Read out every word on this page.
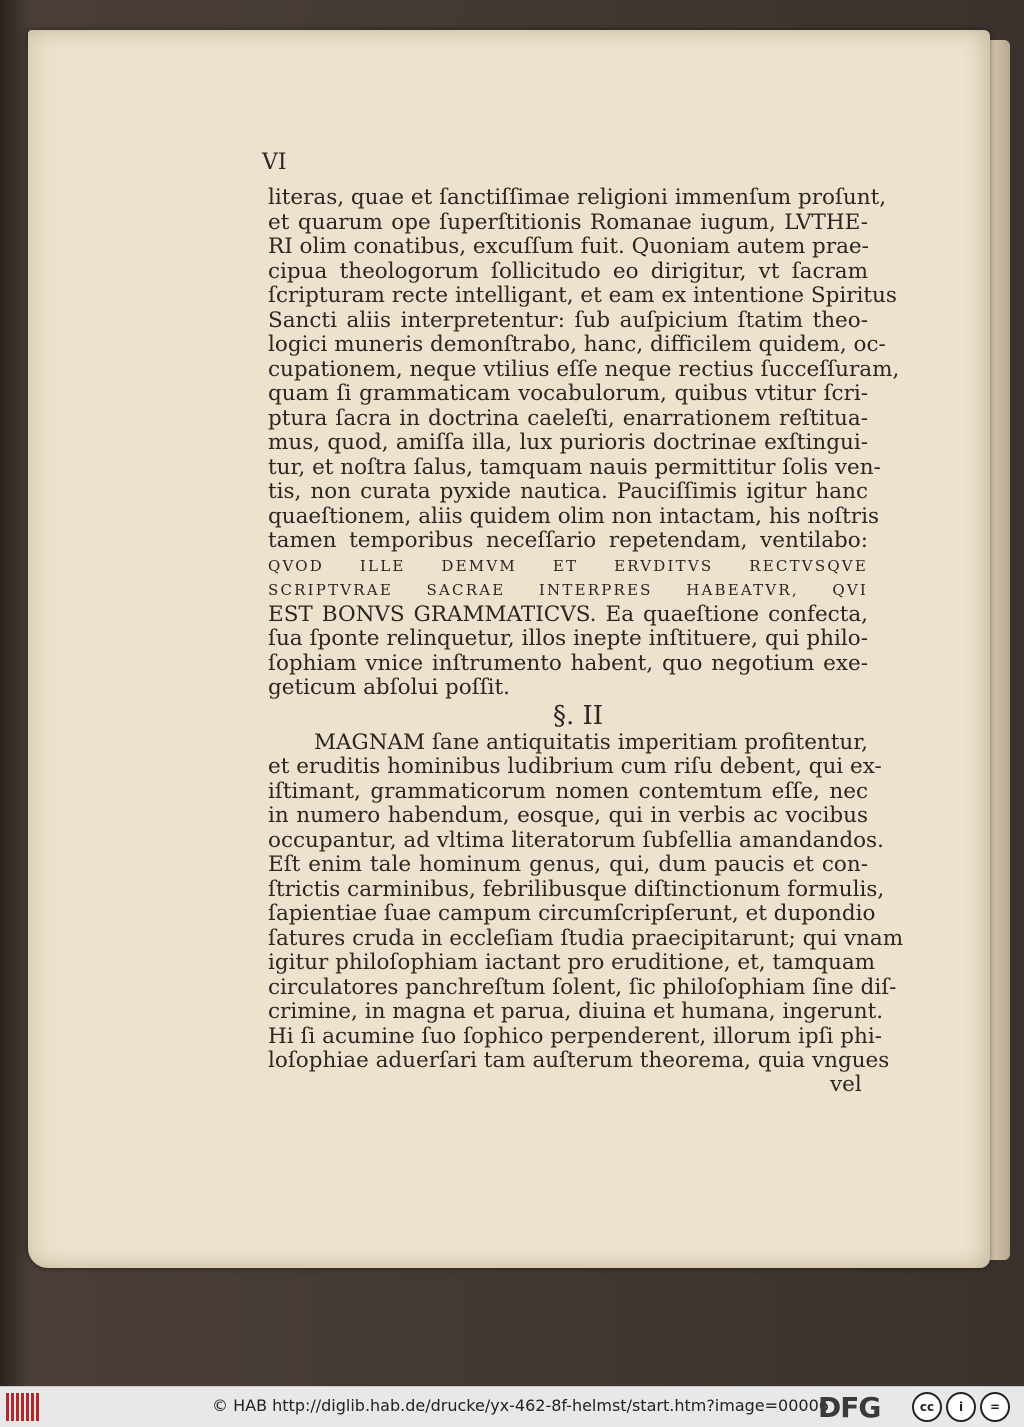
VI
literas, quae et ſanctiſſimae religioni immenſum proſunt,
et quarum ope ſuperſtitionis Romanae iugum, LVTHE-
RI olim conatibus, excuſſum fuit. Quoniam autem prae-
cipua theologorum ſollicitudo eo dirigitur, vt ſacram
ſcripturam recte intelligant, et eam ex intentione Spiritus
Sancti aliis interpretentur: ſub auſpicium ſtatim theo-
logici muneris demonſtrabo, hanc, difficilem quidem, oc-
cupationem, neque vtilius eſſe neque rectius ſucceſſuram,
quam ſi grammaticam vocabulorum, quibus vtitur ſcri-
ptura ſacra in doctrina caeleſti, enarrationem reſtitua-
mus, quod, amiſſa illa, lux purioris doctrinae exſtingui-
tur, et noſtra ſalus, tamquam nauis permittitur ſolis ven-
tis, non curata pyxide nautica. Pauciſſimis igitur hanc
quaeſtionem, aliis quidem olim non intactam, his noſtris
tamen temporibus neceſſario repetendam, ventilabo:
QVOD ILLE DEMVM ET ERVDITVS RECTVSQVE
SCRIPTVRAE SACRAE INTERPRES HABEATVR, QVI
EST BONVS GRAMMATICVS. Ea quaeſtione confecta,
ſua ſponte relinquetur, illos inepte inſtituere, qui philo-
ſophiam vnice inſtrumento habent, quo negotium exe-
geticum abſolui poſſit.
§. II
MAGNAM ſane antiquitatis imperitiam profitentur,
et eruditis hominibus ludibrium cum riſu debent, qui ex-
iſtimant, grammaticorum nomen contemtum eſſe, nec
in numero habendum, eosque, qui in verbis ac vocibus
occupantur, ad vltima literatorum ſubſellia amandandos.
Eſt enim tale hominum genus, qui, dum paucis et con-
ſtrictis carminibus, febrilibusque diſtinctionum formulis,
ſapientiae ſuae campum circumſcripſerunt, et dupondio
ſatures cruda in eccleſiam ſtudia praecipitarunt; qui vnam
igitur philoſophiam iactant pro eruditione, et, tamquam
circulatores panchreſtum ſolent, ſic philoſophiam ſine diſ-
crimine, in magna et parua, diuina et humana, ingerunt.
Hi ſi acumine ſuo ſophico perpenderent, illorum ipſi phi-
loſophiae aduerſari tam auſterum theorema, quia vngues
vel
© HAB http://diglib.hab.de/drucke/yx-462-8f-helmst/start.htm?image=00006
DFG	cc	i	=
